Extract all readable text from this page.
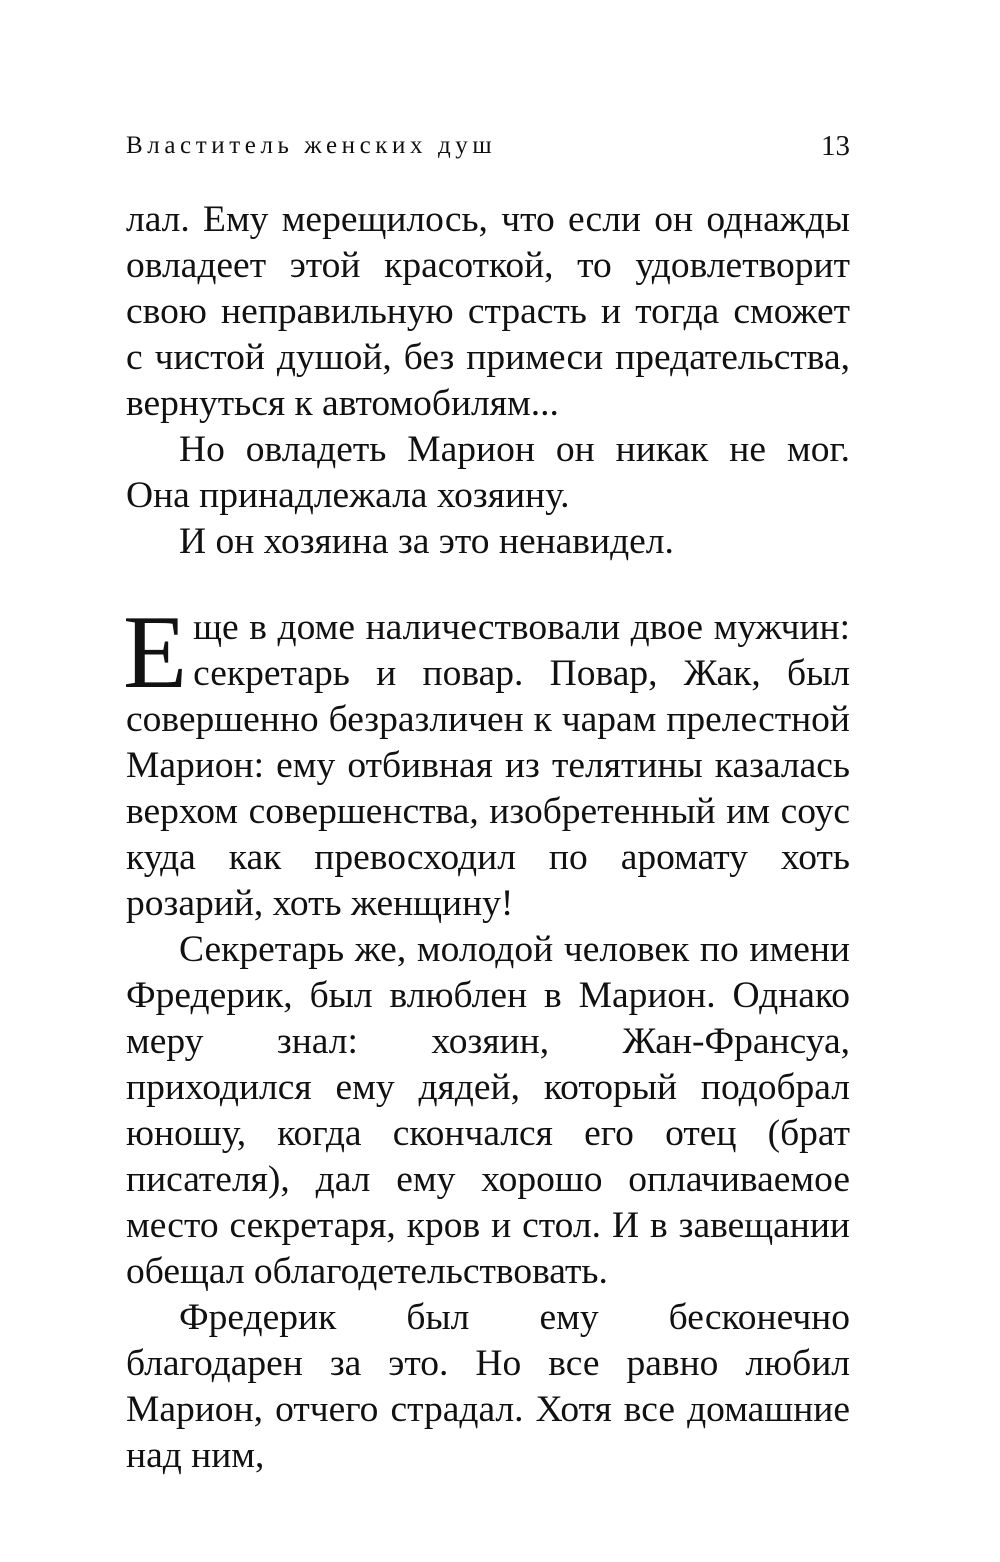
Властитель женских душ	13

лал. Ему мерещилось, что если он однажды овладеет этой красоткой, то удовлетворит свою неправильную страсть и тогда сможет с чистой душой, без примеси предательства, вернуться к автомобилям...

Но овладеть Марион он никак не мог. Она принадлежала хозяину.

И он хозяина за это ненавидел.

Еще в доме наличествовали двое мужчин: секретарь и повар. Повар, Жак, был совершенно безразличен к чарам прелестной Марион: ему отбивная из телятины казалась верхом совершенства, изобретенный им соус куда как превосходил по аромату хоть розарий, хоть женщину!

Секретарь же, молодой человек по имени Фредерик, был влюблен в Марион. Однако меру знал: хозяин, Жан-Франсуа, приходился ему дядей, который подобрал юношу, когда скончался его отец (брат писателя), дал ему хорошо оплачиваемое место секретаря, кров и стол. И в завещании обещал облагодетельствовать.

Фредерик был ему бесконечно благодарен за это. Но все равно любил Марион, отчего страдал. Хотя все домашние над ним,
